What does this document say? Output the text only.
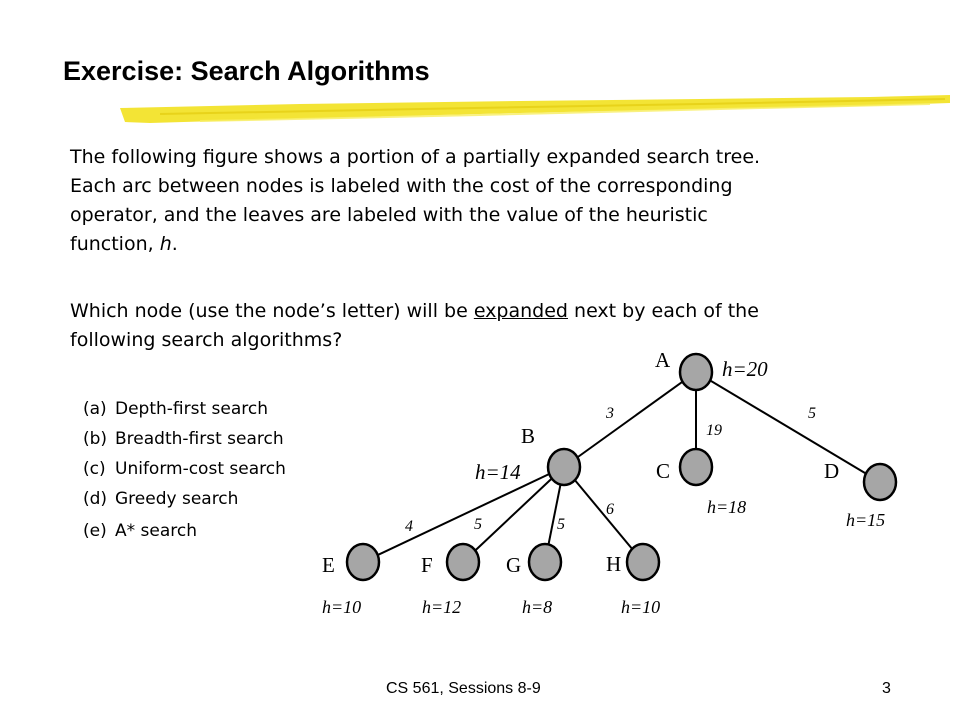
Exercise: Search Algorithms
The following figure shows a portion of a partially expanded search tree.
Each arc between nodes is labeled with the cost of the corresponding
operator, and the leaves are labeled with the value of the heuristic
function, h.
Which node (use the node’s letter) will be expanded next by each of the
following search algorithms?
(a) Depth-first search
(b) Breadth-first search
(c) Uniform-cost search
(d) Greedy search
(e) A* search
A
B
C	D
E	F	G	H
h=20
h=14
h=18
h=15
h=10	h=12	h=8	h=10
3
19
5
4	5	5
6
CS 561, Sessions 8-9	3
